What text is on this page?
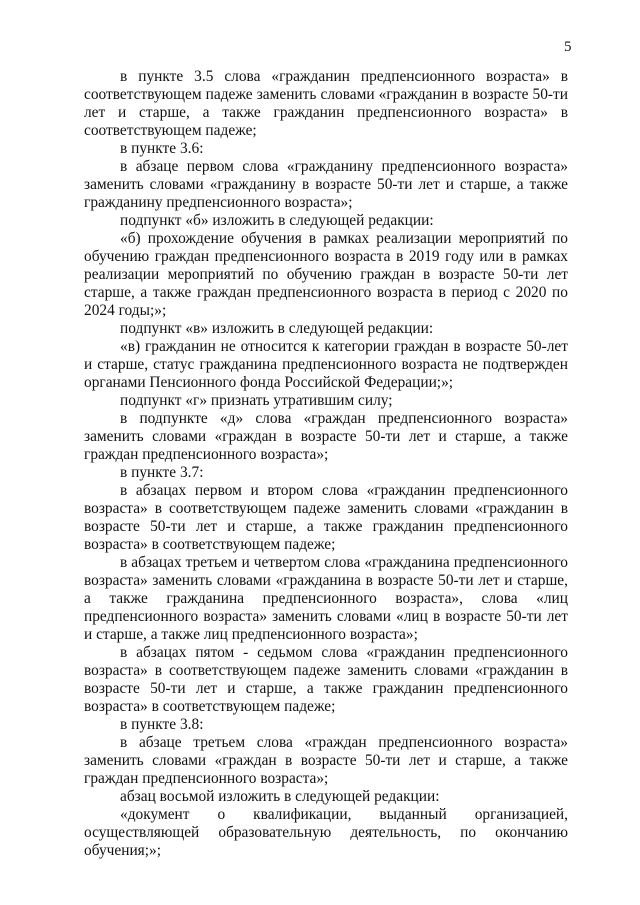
5

в пункте 3.5 слова «гражданин предпенсионного возраста» в соответствующем падеже заменить словами «гражданин в возрасте 50-ти лет и старше, а также гражданин предпенсионного возраста» в соответствующем падеже;

в пункте 3.6:

в абзаце первом слова «гражданину предпенсионного возраста» заменить словами «гражданину в возрасте 50-ти лет и старше, а также гражданину предпенсионного возраста»;

подпункт «б» изложить в следующей редакции:

«б) прохождение обучения в рамках реализации мероприятий по обучению граждан предпенсионного возраста в 2019 году или в рамках реализации мероприятий по обучению граждан в возрасте 50-ти лет старше, а также граждан предпенсионного возраста в период с 2020 по 2024 годы;»;

подпункт «в» изложить в следующей редакции:

«в) гражданин не относится к категории граждан в возрасте 50-лет и старше, статус гражданина предпенсионного возраста не подтвержден органами Пенсионного фонда Российской Федерации;»;

подпункт «г» признать утратившим силу;

в подпункте «д» слова «граждан предпенсионного возраста» заменить словами «граждан в возрасте 50-ти лет и старше, а также граждан предпенсионного возраста»;

в пункте 3.7:

в абзацах первом и втором слова «гражданин предпенсионного возраста» в соответствующем падеже заменить словами «гражданин в возрасте 50-ти лет и старше, а также гражданин предпенсионного возраста» в соответствующем падеже;

в абзацах третьем и четвертом слова «гражданина предпенсионного возраста» заменить словами «гражданина в возрасте 50-ти лет и старше, а также гражданина предпенсионного возраста», слова «лиц предпенсионного возраста» заменить словами «лиц в возрасте 50-ти лет и старше, а также лиц предпенсионного возраста»;

в абзацах пятом - седьмом слова «гражданин предпенсионного возраста» в соответствующем падеже заменить словами «гражданин в возрасте 50-ти лет и старше, а также гражданин предпенсионного возраста» в соответствующем падеже;

в пункте 3.8:

в абзаце третьем слова «граждан предпенсионного возраста» заменить словами «граждан в возрасте 50-ти лет и старше, а также граждан предпенсионного возраста»;

абзац восьмой изложить в следующей редакции:

«документ о квалификации, выданный организацией, осуществляющей образовательную деятельность, по окончанию обучения;»;
